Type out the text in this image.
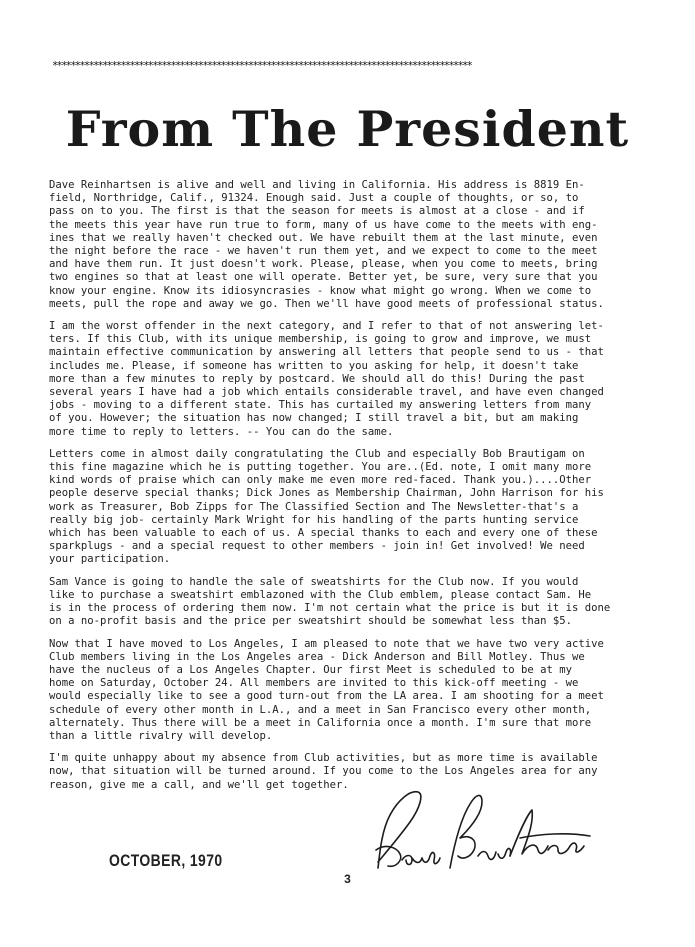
********************************************************************************************
From The President

Dave Reinhartsen is alive and well and living in California. His address is 8819 En-
field, Northridge, Calif., 91324. Enough said. Just a couple of thoughts, or so, to
pass on to you. The first is that the season for meets is almost at a close - and if
the meets this year have run true to form, many of us have come to the meets with eng-
ines that we really haven't checked out. We have rebuilt them at the last minute, even
the night before the race - we haven't run them yet, and we expect to come to the meet
and have them run. It just doesn't work. Please, please, when you come to meets, bring
two engines so that at least one will operate. Better yet, be sure, very sure that you
know your engine. Know its idiosyncrasies - know what might go wrong. When we come to
meets, pull the rope and away we go. Then we'll have good meets of professional status.

I am the worst offender in the next category, and I refer to that of not answering let-
ters. If this Club, with its unique membership, is going to grow and improve, we must
maintain effective communication by answering all letters that people send to us - that
includes me. Please, if someone has written to you asking for help, it doesn't take
more than a few minutes to reply by postcard. We should all do this! During the past
several years I have had a job which entails considerable travel, and have even changed
jobs - moving to a different state. This has curtailed my answering letters from many
of you. However; the situation has now changed; I still travel a bit, but am making
more time to reply to letters. -- You can do the same.

Letters come in almost daily congratulating the Club and especially Bob Brautigam on
this fine magazine which he is putting together. You are..(Ed. note, I omit many more
kind words of praise which can only make me even more red-faced. Thank you.)....Other
people deserve special thanks; Dick Jones as Membership Chairman, John Harrison for his
work as Treasurer, Bob Zipps for The Classified Section and The Newsletter-that's a
really big job- certainly Mark Wright for his handling of the parts hunting service
which has been valuable to each of us. A special thanks to each and every one of these
sparkplugs - and a special request to other members - join in! Get involved! We need
your participation.

Sam Vance is going to handle the sale of sweatshirts for the Club now. If you would
like to purchase a sweatshirt emblazoned with the Club emblem, please contact Sam. He
is in the process of ordering them now. I'm not certain what the price is but it is done
on a no-profit basis and the price per sweatshirt should be somewhat less than $5.

Now that I have moved to Los Angeles, I am pleased to note that we have two very active
Club members living in the Los Angeles area - Dick Anderson and Bill Motley. Thus we
have the nucleus of a Los Angeles Chapter. Our first Meet is scheduled to be at my
home on Saturday, October 24. All members are invited to this kick-off meeting - we
would especially like to see a good turn-out from the LA area. I am shooting for a meet
schedule of every other month in L.A., and a meet in San Francisco every other month,
alternately. Thus there will be a meet in California once a month. I'm sure that more
than a little rivalry will develop.

I'm quite unhappy about my absence from Club activities, but as more time is available
now, that situation will be turned around. If you come to the Los Angeles area for any
reason, give me a call, and we'll get together.

OCTOBER, 1970
3
